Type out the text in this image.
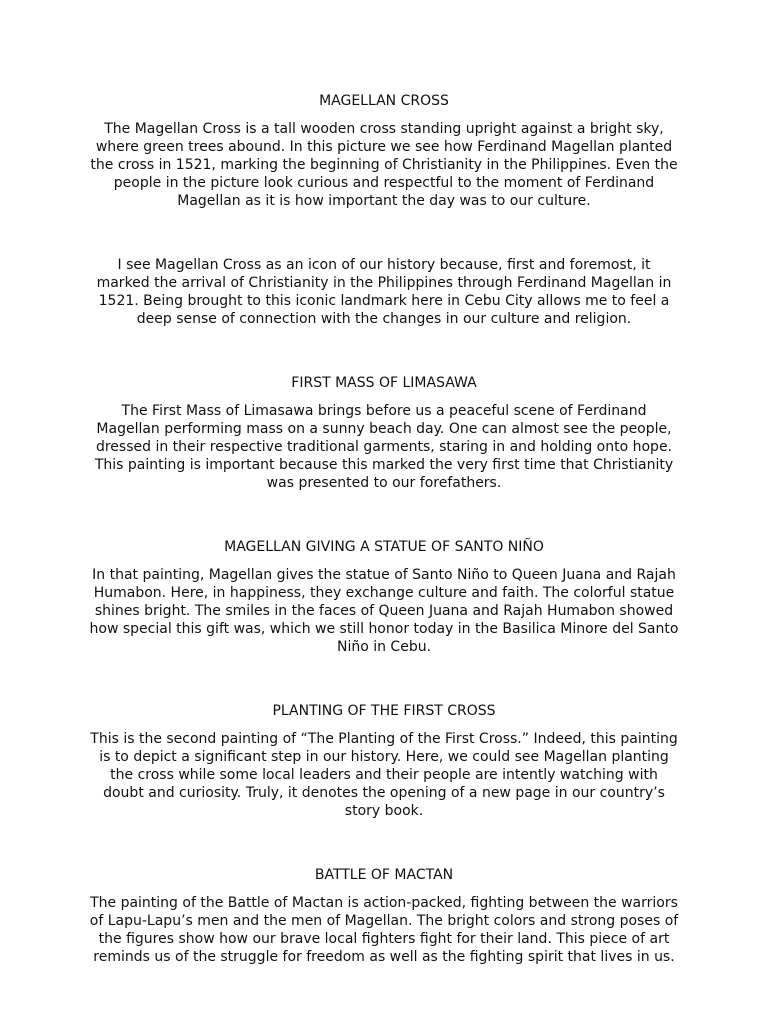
MAGELLAN CROSS

The Magellan Cross is a tall wooden cross standing upright against a bright sky, where green trees abound. In this picture we see how Ferdinand Magellan planted the cross in 1521, marking the beginning of Christianity in the Philippines. Even the people in the picture look curious and respectful to the moment of Ferdinand Magellan as it is how important the day was to our culture.

I see Magellan Cross as an icon of our history because, first and foremost, it marked the arrival of Christianity in the Philippines through Ferdinand Magellan in 1521. Being brought to this iconic landmark here in Cebu City allows me to feel a deep sense of connection with the changes in our culture and religion.

FIRST MASS OF LIMASAWA

The First Mass of Limasawa brings before us a peaceful scene of Ferdinand Magellan performing mass on a sunny beach day. One can almost see the people, dressed in their respective traditional garments, staring in and holding onto hope. This painting is important because this marked the very first time that Christianity was presented to our forefathers.

MAGELLAN GIVING A STATUE OF SANTO NIÑO

In that painting, Magellan gives the statue of Santo Niño to Queen Juana and Rajah Humabon. Here, in happiness, they exchange culture and faith. The colorful statue shines bright. The smiles in the faces of Queen Juana and Rajah Humabon showed how special this gift was, which we still honor today in the Basilica Minore del Santo Niño in Cebu.

PLANTING OF THE FIRST CROSS

This is the second painting of “The Planting of the First Cross.” Indeed, this painting is to depict a significant step in our history. Here, we could see Magellan planting the cross while some local leaders and their people are intently watching with doubt and curiosity. Truly, it denotes the opening of a new page in our country’s story book.

BATTLE OF MACTAN

The painting of the Battle of Mactan is action-packed, fighting between the warriors of Lapu-Lapu’s men and the men of Magellan. The bright colors and strong poses of the figures show how our brave local fighters fight for their land. This piece of art reminds us of the struggle for freedom as well as the fighting spirit that lives in us.
